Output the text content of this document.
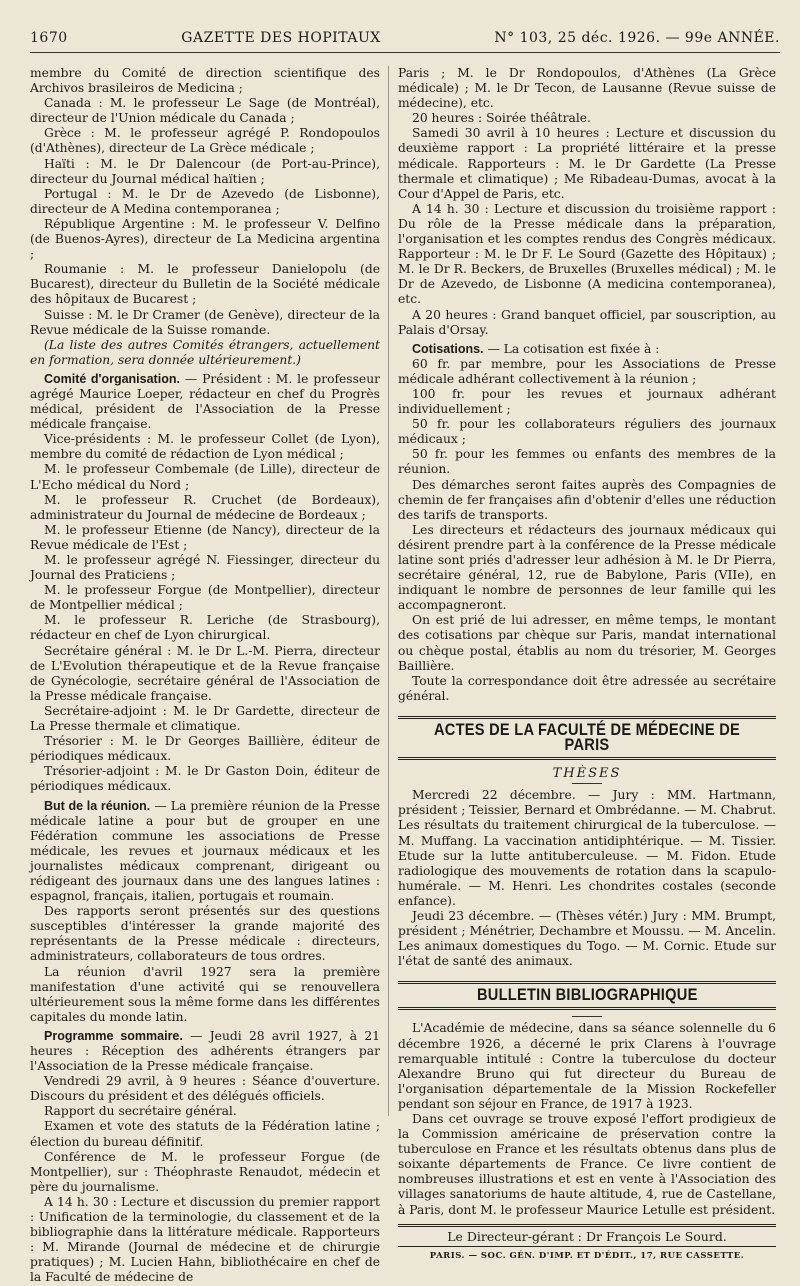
1670	GAZETTE DES HOPITAUX	N° 103, 25 déc. 1926. — 99e ANNÉE.

membre du Comité de direction scientifique des Archivos brasileiros de Medicina ;

Canada : M. le professeur Le Sage (de Montréal), directeur de l'Union médicale du Canada ;

Grèce : M. le professeur agrégé P. Rondopoulos (d'Athènes), directeur de La Grèce médicale ;

Haïti : M. le Dr Dalencour (de Port-au-Prince), directeur du Journal médical haïtien ;

Portugal : M. le Dr de Azevedo (de Lisbonne), directeur de A Medina contemporanea ;

République Argentine : M. le professeur V. Delfino (de Buenos-Ayres), directeur de La Medicina argentina ;

Roumanie : M. le professeur Danielopolu (de Bucarest), directeur du Bulletin de la Société médicale des hôpitaux de Bucarest ;

Suisse : M. le Dr Cramer (de Genève), directeur de la Revue médicale de la Suisse romande.

(La liste des autres Comités étrangers, actuellement en formation, sera donnée ultérieurement.)

Comité d'organisation. — Président : M. le professeur agrégé Maurice Loeper, rédacteur en chef du Progrès médical, président de l'Association de la Presse médicale française.

Vice-présidents : M. le professeur Collet (de Lyon), membre du comité de rédaction de Lyon médical ;

M. le professeur Combemale (de Lille), directeur de L'Echo médical du Nord ;

M. le professeur R. Cruchet (de Bordeaux), administrateur du Journal de médecine de Bordeaux ;

M. le professeur Etienne (de Nancy), directeur de la Revue médicale de l'Est ;

M. le professeur agrégé N. Fiessinger, directeur du Journal des Praticiens ;

M. le professeur Forgue (de Montpellier), directeur de Montpellier médical ;

M. le professeur R. Leriche (de Strasbourg), rédacteur en chef de Lyon chirurgical.

Secrétaire général : M. le Dr L.-M. Pierra, directeur de L'Evolution thérapeutique et de la Revue française de Gynécologie, secrétaire général de l'Association de la Presse médicale française.

Secrétaire-adjoint : M. le Dr Gardette, directeur de La Presse thermale et climatique.

Trésorier : M. le Dr Georges Baillière, éditeur de périodiques médicaux.

Trésorier-adjoint : M. le Dr Gaston Doin, éditeur de périodiques médicaux.

But de la réunion. — La première réunion de la Presse médicale latine a pour but de grouper en une Fédération commune les associations de Presse médicale, les revues et journaux médicaux et les journalistes médicaux comprenant, dirigeant ou rédigeant des journaux dans une des langues latines : espagnol, français, italien, portugais et roumain.

Des rapports seront présentés sur des questions susceptibles d'intéresser la grande majorité des représentants de la Presse médicale : directeurs, administrateurs, collaborateurs de tous ordres.

La réunion d'avril 1927 sera la première manifestation d'une activité qui se renouvellera ultérieurement sous la même forme dans les différentes capitales du monde latin.

Programme sommaire. — Jeudi 28 avril 1927, à 21 heures : Réception des adhérents étrangers par l'Association de la Presse médicale française.

Vendredi 29 avril, à 9 heures : Séance d'ouverture. Discours du président et des délégués officiels.

Rapport du secrétaire général.

Examen et vote des statuts de la Fédération latine ; élection du bureau définitif.

Conférence de M. le professeur Forgue (de Montpellier), sur : Théophraste Renaudot, médecin et père du journalisme.

A 14 h. 30 : Lecture et discussion du premier rapport : Unification de la terminologie, du classement et de la bibliographie dans la littérature médicale. Rapporteurs : M. Mirande (Journal de médecine et de chirurgie pratiques) ; M. Lucien Hahn, bibliothécaire en chef de la Faculté de médecine de

Paris ; M. le Dr Rondopoulos, d'Athènes (La Grèce médicale) ; M. le Dr Tecon, de Lausanne (Revue suisse de médecine), etc.

20 heures : Soirée théâtrale.

Samedi 30 avril à 10 heures : Lecture et discussion du deuxième rapport : La propriété littéraire et la presse médicale. Rapporteurs : M. le Dr Gardette (La Presse thermale et climatique) ; Me Ribadeau-Dumas, avocat à la Cour d'Appel de Paris, etc.

A 14 h. 30 : Lecture et discussion du troisième rapport : Du rôle de la Presse médicale dans la préparation, l'organisation et les comptes rendus des Congrès médicaux. Rapporteur : M. le Dr F. Le Sourd (Gazette des Hôpitaux) ; M. le Dr R. Beckers, de Bruxelles (Bruxelles médical) ; M. le Dr de Azevedo, de Lisbonne (A medicina contemporanea), etc.

A 20 heures : Grand banquet officiel, par souscription, au Palais d'Orsay.

Cotisations. — La cotisation est fixée à :

60 fr. par membre, pour les Associations de Presse médicale adhérant collectivement à la réunion ;

100 fr. pour les revues et journaux adhérant individuellement ;

50 fr. pour les collaborateurs réguliers des journaux médicaux ;

50 fr. pour les femmes ou enfants des membres de la réunion.

Des démarches seront faites auprès des Compagnies de chemin de fer françaises afin d'obtenir d'elles une réduction des tarifs de transports.

Les directeurs et rédacteurs des journaux médicaux qui désirent prendre part à la conférence de la Presse médicale latine sont priés d'adresser leur adhésion à M. le Dr Pierra, secrétaire général, 12, rue de Babylone, Paris (VIIe), en indiquant le nombre de personnes de leur famille qui les accompagneront.

On est prié de lui adresser, en même temps, le montant des cotisations par chèque sur Paris, mandat international ou chèque postal, établis au nom du trésorier, M. Georges Baillière.

Toute la correspondance doit être adressée au secrétaire général.

ACTES DE LA FACULTÉ DE MÉDECINE DE PARIS
THÈSES

Mercredi 22 décembre. — Jury : MM. Hartmann, président ; Teissier, Bernard et Ombrédanne. — M. Chabrut. Les résultats du traitement chirurgical de la tuberculose. — M. Muffang. La vaccination antidiphtérique. — M. Tissier. Etude sur la lutte antituberculeuse. — M. Fidon. Etude radiologique des mouvements de rotation dans la scapulo-humérale. — M. Henri. Les chondrites costales (seconde enfance).

Jeudi 23 décembre. — (Thèses vétér.) Jury : MM. Brumpt, président ; Ménétrier, Dechambre et Moussu. — M. Ancelin. Les animaux domestiques du Togo. — M. Cornic. Etude sur l'état de santé des animaux.

BULLETIN BIBLIOGRAPHIQUE

L'Académie de médecine, dans sa séance solennelle du 6 décembre 1926, a décerné le prix Clarens à l'ouvrage remarquable intitulé : Contre la tuberculose du docteur Alexandre Bruno qui fut directeur du Bureau de l'organisation départementale de la Mission Rockefeller pendant son séjour en France, de 1917 à 1923.

Dans cet ouvrage se trouve exposé l'effort prodigieux de la Commission américaine de préservation contre la tuberculose en France et les résultats obtenus dans plus de soixante départements de France. Ce livre contient de nombreuses illustrations et est en vente à l'Association des villages sanatoriums de haute altitude, 4, rue de Castellane, à Paris, dont M. le professeur Maurice Letulle est président.

Le Directeur-gérant : Dr François Le Sourd.
PARIS. — SOC. GÉN. D'IMP. ET D'ÉDIT., 17, RUE CASSETTE.
